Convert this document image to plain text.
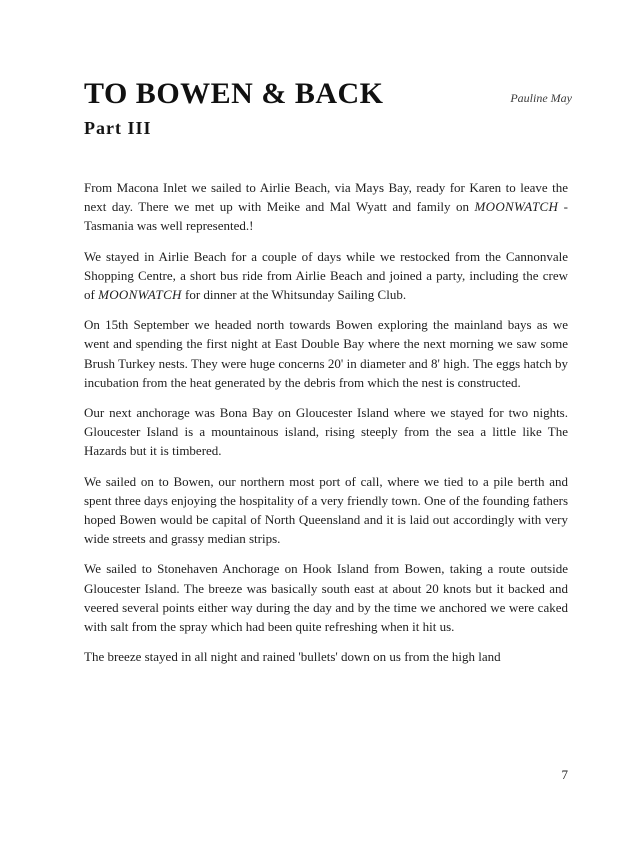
TO BOWEN & BACK
Part III
Pauline May

From Macona Inlet we sailed to Airlie Beach, via Mays Bay, ready for Karen to leave the next day. There we met up with Meike and Mal Wyatt and family on MOONWATCH - Tasmania was well represented.!

We stayed in Airlie Beach for a couple of days while we restocked from the Cannonvale Shopping Centre, a short bus ride from Airlie Beach and joined a party, including the crew of MOONWATCH for dinner at the Whitsunday Sailing Club.

On 15th September we headed north towards Bowen exploring the mainland bays as we went and spending the first night at East Double Bay where the next morning we saw some Brush Turkey nests. They were huge concerns 20' in diameter and 8' high. The eggs hatch by incubation from the heat generated by the debris from which the nest is constructed.

Our next anchorage was Bona Bay on Gloucester Island where we stayed for two nights. Gloucester Island is a mountainous island, rising steeply from the sea a little like The Hazards but it is timbered.

We sailed on to Bowen, our northern most port of call, where we tied to a pile berth and spent three days enjoying the hospitality of a very friendly town. One of the founding fathers hoped Bowen would be capital of North Queensland and it is laid out accordingly with very wide streets and grassy median strips.

We sailed to Stonehaven Anchorage on Hook Island from Bowen, taking a route outside Gloucester Island. The breeze was basically south east at about 20 knots but it backed and veered several points either way during the day and by the time we anchored we were caked with salt from the spray which had been quite refreshing when it hit us.

The breeze stayed in all night and rained 'bullets' down on us from the high land

7
